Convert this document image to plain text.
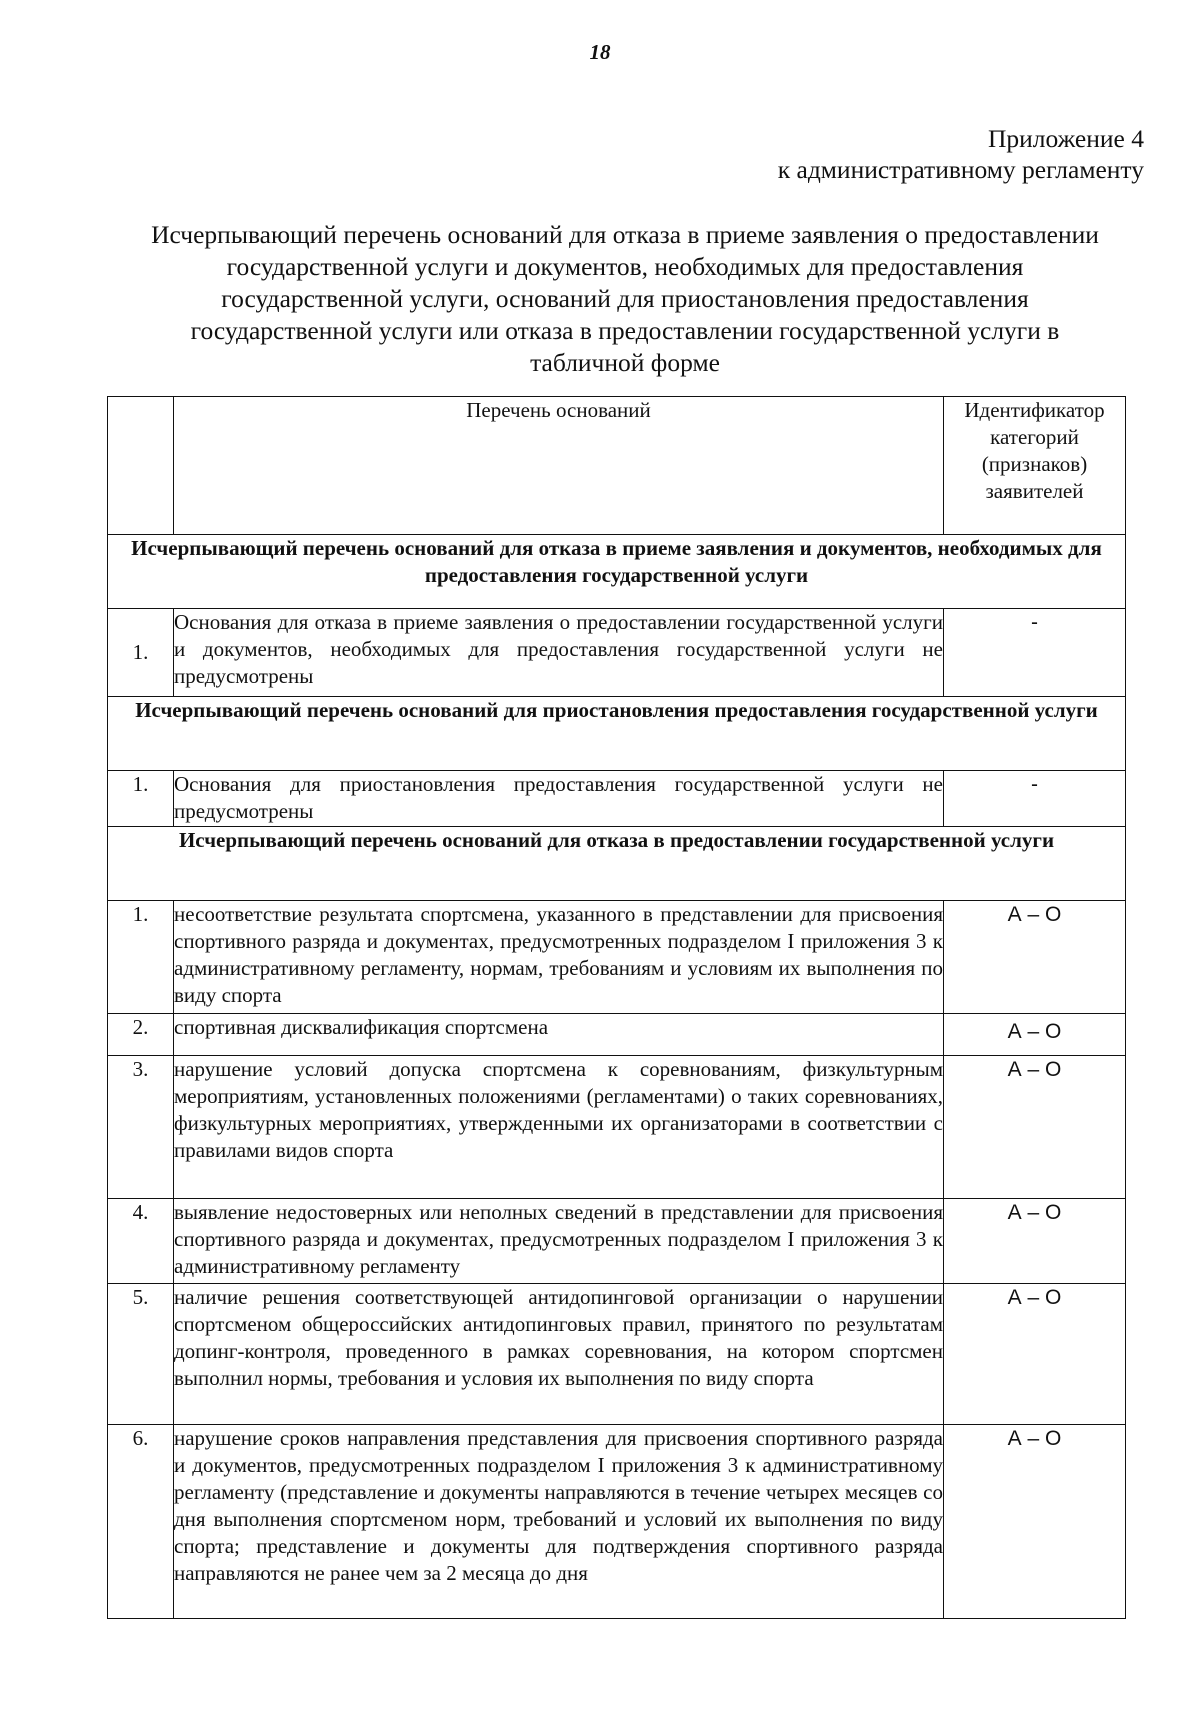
18
Приложение 4
к административному регламенту
Исчерпывающий перечень оснований для отказа в приеме заявления о предоставлении государственной услуги и документов, необходимых для предоставления государственной услуги, оснований для приостановления предоставления государственной услуги или отказа в предоставлении государственной услуги в табличной форме
	Перечень оснований	Идентификатор категорий (признаков) заявителей
Исчерпывающий перечень оснований для отказа в приеме заявления и документов, необходимых для предоставления государственной услуги		
1.	Основания для отказа в приеме заявления о предоставлении государственной услуги и документов, необходимых для предоставления государственной услуги не предусмотрены	-
Исчерпывающий перечень оснований для приостановления предоставления государственной услуги		
1.	Основания для приостановления предоставления государственной услуги не предусмотрены	-
Исчерпывающий перечень оснований для отказа в предоставлении государственной услуги		
1.	несоответствие результата спортсмена, указанного в представлении для присвоения спортивного разряда и документах, предусмотренных подразделом I приложения 3 к административному регламенту, нормам, требованиям и условиям их выполнения по виду спорта	А – О
2.	спортивная дисквалификация спортсмена	А – О
3.	нарушение условий допуска спортсмена к соревнованиям, физкультурным мероприятиям, установленных положениями (регламентами) о таких соревнованиях, физкультурных мероприятиях, утвержденными их организаторами в соответствии с правилами видов спорта	А – О
4.	выявление недостоверных или неполных сведений в представлении для присвоения спортивного разряда и документах, предусмотренных подразделом I приложения 3 к административному регламенту	А – О
5.	наличие решения соответствующей антидопинговой организации о нарушении спортсменом общероссийских антидопинговых правил, принятого по результатам допинг-контроля, проведенного в рамках соревнования, на котором спортсмен выполнил нормы, требования и условия их выполнения по виду спорта	А – О
6.	нарушение сроков направления представления для присвоения спортивного разряда и документов, предусмотренных подразделом I приложения 3 к административному регламенту (представление и документы направляются в течение четырех месяцев со дня выполнения спортсменом норм, требований и условий их выполнения по виду спорта; представление и документы для подтверждения спортивного разряда направляются не ранее чем за 2 месяца до дня	А – О
